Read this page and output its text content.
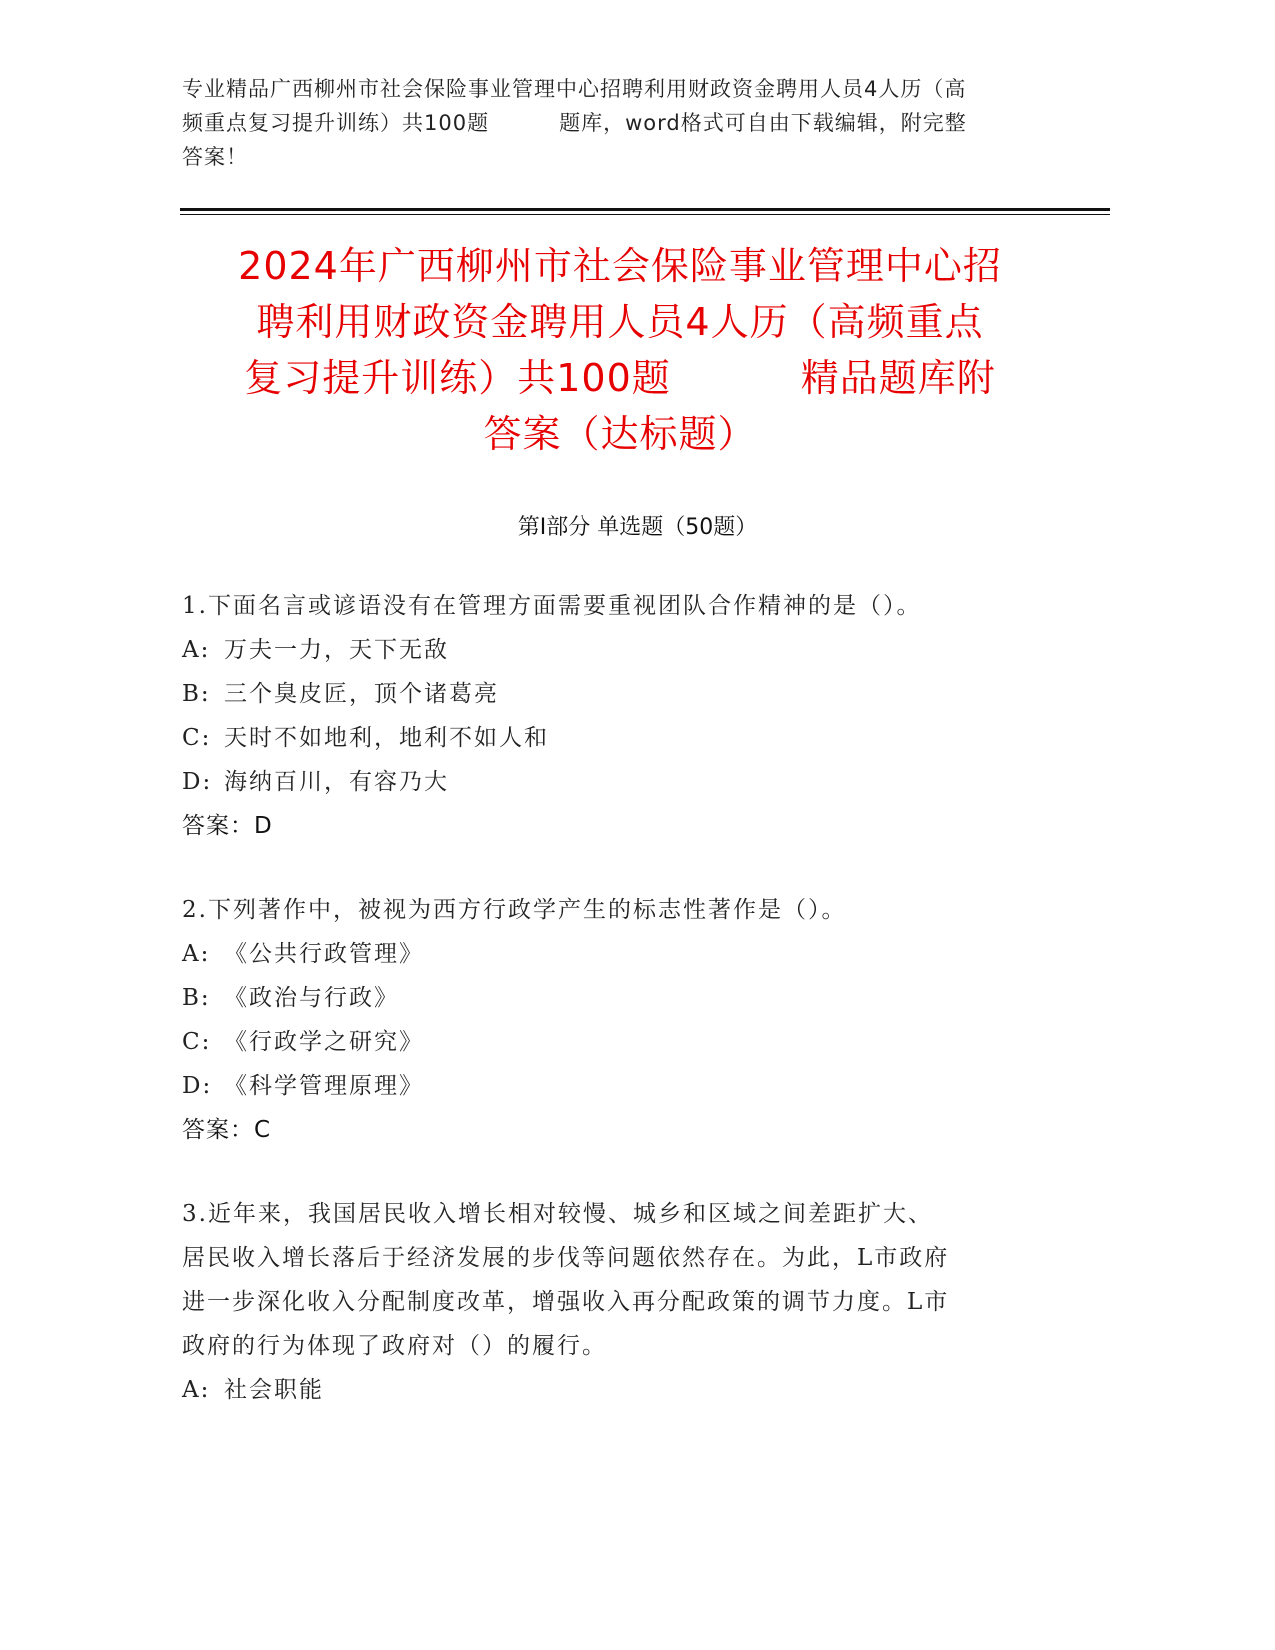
专业精品广西柳州市社会保险事业管理中心招聘利用财政资金聘用人员4人历（高
频重点复习提升训练）共100题	题库，word格式可自由下载编辑，附完整
答案！
2024年广西柳州市社会保险事业管理中心招
聘利用财政资金聘用人员4人历（高频重点
复习提升训练）共100题	精品题库附
答案（达标题）
第I部分 单选题（50题）
1.下面名言或谚语没有在管理方面需要重视团队合作精神的是（）。
A: 万夫一力，天下无敌
B: 三个臭皮匠，顶个诸葛亮
C: 天时不如地利，地利不如人和
D: 海纳百川，有容乃大
答案：D
2.下列著作中，被视为西方行政学产生的标志性著作是（）。
A: 《公共行政管理》
B: 《政治与行政》
C: 《行政学之研究》
D: 《科学管理原理》
答案：C
3.近年来，我国居民收入增长相对较慢、城乡和区域之间差距扩大、
居民收入增长落后于经济发展的步伐等问题依然存在。为此，L市政府
进一步深化收入分配制度改革，增强收入再分配政策的调节力度。L市
政府的行为体现了政府对（）的履行。
A: 社会职能
